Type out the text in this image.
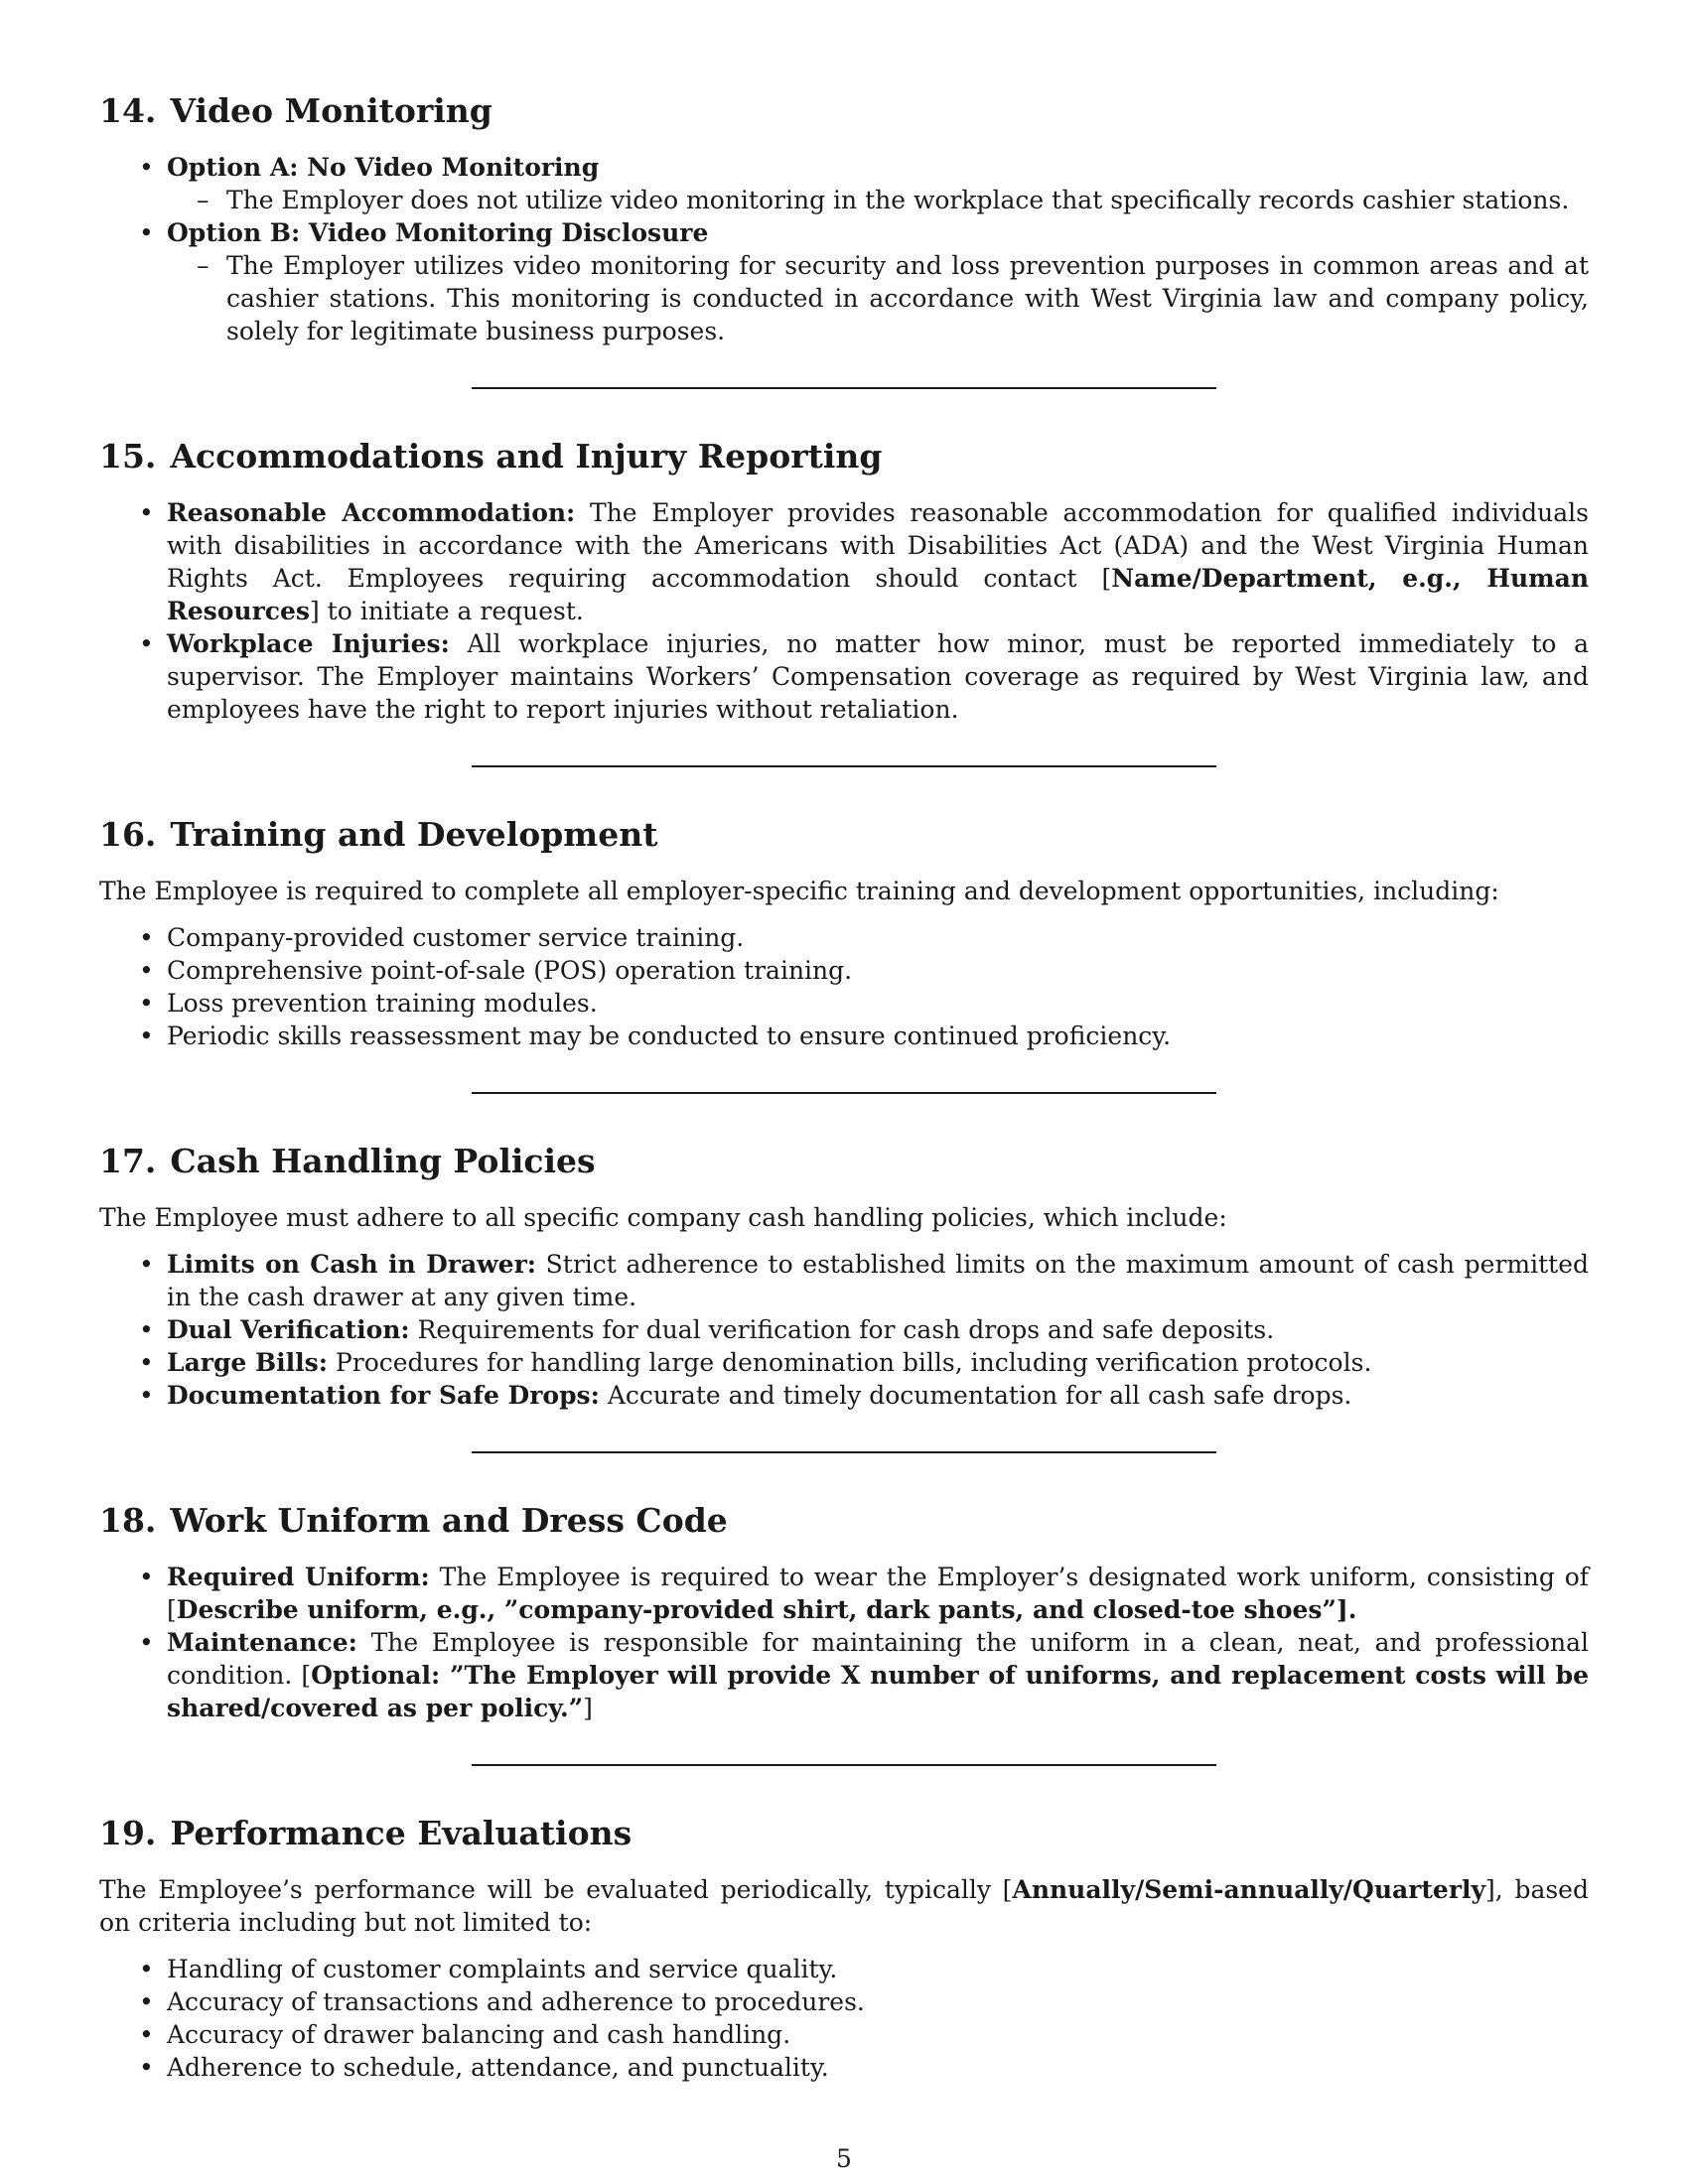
14. Video Monitoring
• Option A: No Video Monitoring
– The Employer does not utilize video monitoring in the workplace that specifically records cashier stations.
• Option B: Video Monitoring Disclosure
– The Employer utilizes video monitoring for security and loss prevention purposes in common areas and at cashier stations. This monitoring is conducted in accordance with West Virginia law and company policy, solely for legitimate business purposes.
15. Accommodations and Injury Reporting
• Reasonable Accommodation: The Employer provides reasonable accommodation for qualified individuals with disabilities in accordance with the Americans with Disabilities Act (ADA) and the West Virginia Human Rights Act. Employees requiring accommodation should contact [Name/Department, e.g., Human Resources] to initiate a request.
• Workplace Injuries: All workplace injuries, no matter how minor, must be reported immediately to a supervisor. The Employer maintains Workers’ Compensation coverage as required by West Virginia law, and employees have the right to report injuries without retaliation.
16. Training and Development

The Employee is required to complete all employer-specific training and development opportunities, including:

• Company-provided customer service training.
• Comprehensive point-of-sale (POS) operation training.
• Loss prevention training modules.
• Periodic skills reassessment may be conducted to ensure continued proficiency.
17. Cash Handling Policies

The Employee must adhere to all specific company cash handling policies, which include:

• Limits on Cash in Drawer: Strict adherence to established limits on the maximum amount of cash permitted in the cash drawer at any given time.
• Dual Verification: Requirements for dual verification for cash drops and safe deposits.
• Large Bills: Procedures for handling large denomination bills, including verification protocols.
• Documentation for Safe Drops: Accurate and timely documentation for all cash safe drops.
18. Work Uniform and Dress Code
• Required Uniform: The Employee is required to wear the Employer’s designated work uniform, consisting of [Describe uniform, e.g., ”company-provided shirt, dark pants, and closed-toe shoes”].
• Maintenance: The Employee is responsible for maintaining the uniform in a clean, neat, and professional condition. [Optional: ”The Employer will provide X number of uniforms, and replacement costs will be shared/covered as per policy.”]
19. Performance Evaluations

The Employee’s performance will be evaluated periodically, typically [Annually/Semi-annually/Quarterly], based on criteria including but not limited to:

• Handling of customer complaints and service quality.
• Accuracy of transactions and adherence to procedures.
• Accuracy of drawer balancing and cash handling.
• Adherence to schedule, attendance, and punctuality.
5
